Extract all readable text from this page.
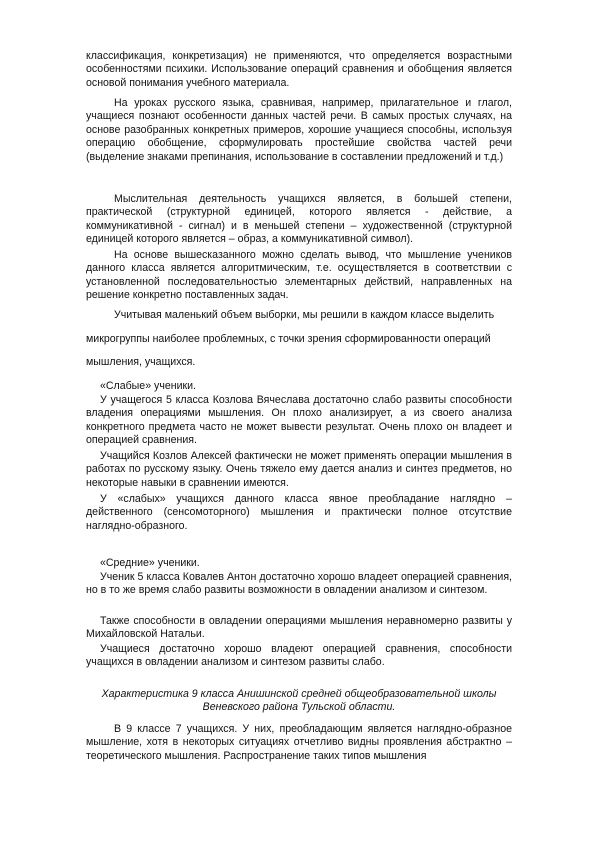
классификация, конкретизация) не применяются, что определяется возрастными особенностями психики. Использование операций сравнения и обобщения является основой понимания учебного материала.

На уроках русского языка, сравнивая, например, прилагательное и глагол, учащиеся познают особенности данных частей речи. В самых простых случаях, на основе разобранных конкретных примеров, хорошие учащиеся способны, используя операцию обобщение, сформулировать простейшие свойства частей речи (выделение знаками препинания, использование в составлении предложений и т.д.)

Мыслительная деятельность учащихся является, в большей степени, практической (структурной единицей, которого является - действие, а коммуникативной - сигнал) и в меньшей степени – художественной (структурной единицей которого является – образ, а коммуникативной символ).

На основе вышесказанного можно сделать вывод, что мышление учеников данного класса является алгоритмическим, т.е. осуществляется в соответствии с установленной последовательностью элементарных действий, направленных на решение конкретно поставленных задач.

Учитывая маленький объем выборки, мы решили в каждом классе выделить

микрогруппы наиболее проблемных, с точки зрения сформированности операций

мышления, учащихся.

«Слабые» ученики.

У учащегося 5 класса Козлова Вячеслава достаточно слабо развиты способности владения операциями мышления. Он плохо анализирует, а из своего анализа конкретного предмета часто не может вывести результат. Очень плохо он владеет и операцией сравнения.

Учащийся Козлов Алексей фактически не может применять операции мышления в работах по русскому языку. Очень тяжело ему дается анализ и синтез предметов, но некоторые навыки в сравнении имеются.

У «слабых» учащихся данного класса явное преобладание наглядно – действенного (сенсомоторного) мышления и практически полное отсутствие наглядно-образного.

«Средние» ученики.

Ученик 5 класса Ковалев Антон достаточно хорошо владеет операцией сравнения, но в то же время слабо развиты возможности в овладении анализом и синтезом.

Также способности в овладении операциями мышления неравномерно развиты у Михайловской Натальи.

Учащиеся достаточно хорошо владеют операцией сравнения, способности учащихся в овладении анализом и синтезом развиты слабо.

Характеристика 9 класса Анишинской средней общеобразовательной школы Веневского района Тульской области.

В 9 классе 7 учащихся. У них, преобладающим является наглядно-образное мышление, хотя в некоторых ситуациях отчетливо видны проявления абстрактно – теоретического мышления. Распространение таких типов мышления
